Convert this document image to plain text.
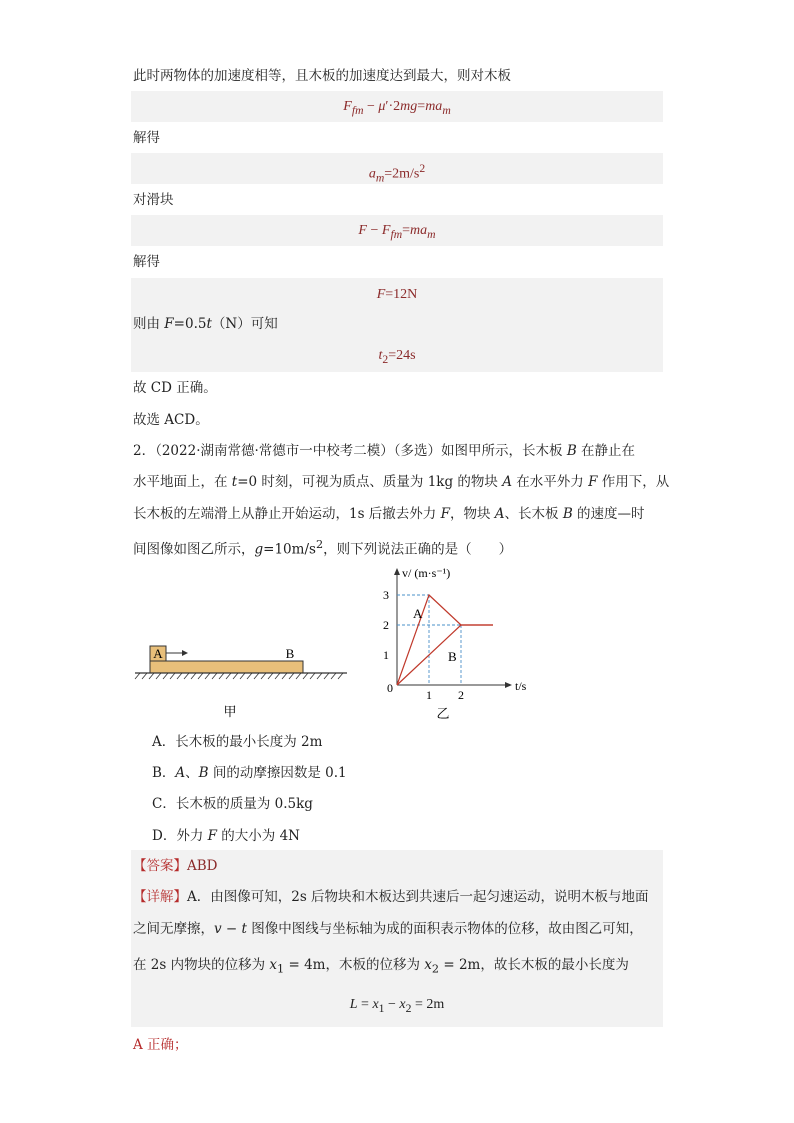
此时两物体的加速度相等，且木板的加速度达到最大，则对木板
$F_{fm} - \mu'\cdot 2mg=ma_m$
解得
$a_m=2m/s^2$
对滑块
$F - F_{fm}=ma_m$
解得
F=12N
则由 F=0.5t（N）可知
$t_2=24s$
故 CD 正确。
故选 ACD。
2．（2022·湖南常德·常德市一中校考二模）（多选）如图甲所示，长木板 B 在静止在
水平地面上，在 t=0 时刻，可视为质点、质量为 1kg 的物块 A 在水平外力 F 作用下，从
长木板的左端滑上从静止开始运动，1s 后撤去外力 F，物块 A、长木板 B 的速度—时
间图像如图乙所示，$g=10m/s^2$，则下列说法正确的是（　　）
A	B
甲
v/ (m·s⁻¹)
t/s
0
1
2
3
1 2
A
B
乙
A．长木板的最小长度为 2m
B．A、B 间的动摩擦因数是 0.1
C．长木板的质量为 0.5kg
D．外力 F 的大小为 4N
【答案】ABD
【详解】A．由图像可知，2s 后物块和木板达到共速后一起匀速运动，说明木板与地面
之间无摩擦，v − t 图像中图线与坐标轴为成的面积表示物体的位移，故由图乙可知，
在 2s 内物块的位移为 $x_1 = 4m$，木板的位移为 $x_2 = 2m$，故长木板的最小长度为
$L = x_1 - x_2 = 2m$
A 正确；
